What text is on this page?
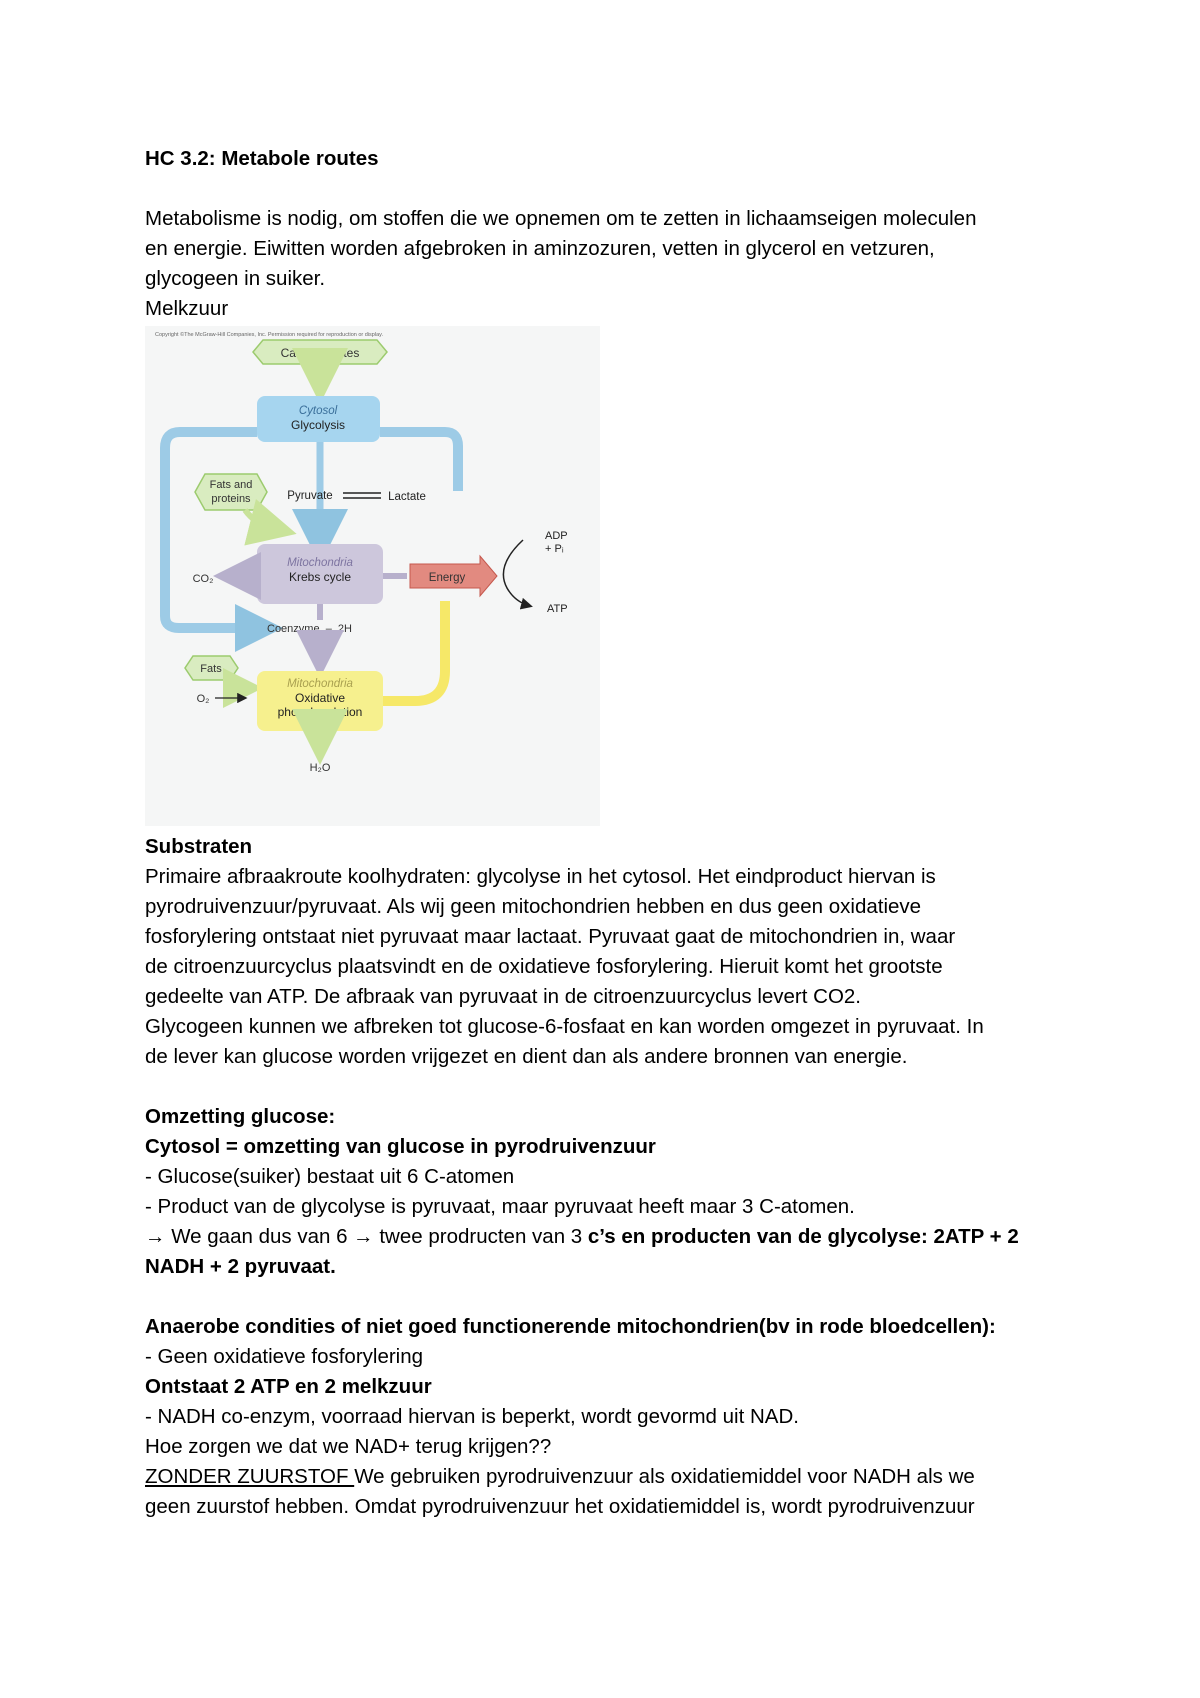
HC 3.2: Metabole routes

Metabolisme is nodig, om stoffen die we opnemen om te zetten in lichaamseigen moleculen
en energie. Eiwitten worden afgebroken in aminzozuren, vetten in glycerol en vetzuren,
glycogeen in suiker.

Melkzuur

Copyright ©The McGraw-Hill Companies, Inc. Permission required for reproduction or display.
Carbohydrates
Cytosol
Glycolysis
Fats and
proteins	Pyruvate	Lactate
Mitochondria
Krebs cycle
CO₂	Energy
ADP
+ Pᵢ
ATP
Coenzyme  –  2H
Fats
O₂
Mitochondria
Oxidative
phosphorylation
H₂O

Substraten

Primaire afbraakroute koolhydraten: glycolyse in het cytosol. Het eindproduct hiervan is
pyrodruivenzuur/pyruvaat. Als wij geen mitochondrien hebben en dus geen oxidatieve
fosforylering ontstaat niet pyruvaat maar lactaat. Pyruvaat gaat de mitochondrien in, waar
de citroenzuurcyclus plaatsvindt en de oxidatieve fosforylering. Hieruit komt het grootste
gedeelte van ATP. De afbraak van pyruvaat in de citroenzuurcyclus levert CO2.
Glycogeen kunnen we afbreken tot glucose-6-fosfaat en kan worden omgezet in pyruvaat. In
de lever kan glucose worden vrijgezet en dient dan als andere bronnen van energie.

Omzetting glucose:

Cytosol = omzetting van glucose in pyrodruivenzuur

- Glucose(suiker) bestaat uit 6 C-atomen

- Product van de glycolyse is pyruvaat, maar pyruvaat heeft maar 3 C-atomen.

→ We gaan dus van 6 → twee prodructen van 3 c’s en producten van de glycolyse: 2ATP + 2

NADH + 2 pyruvaat.

Anaerobe condities of niet goed functionerende mitochondrien(bv in rode bloedcellen):

- Geen oxidatieve fosforylering

Ontstaat 2 ATP en 2 melkzuur

- NADH co-enzym, voorraad hiervan is beperkt, wordt gevormd uit NAD.

Hoe zorgen we dat we NAD+ terug krijgen??

ZONDER ZUURSTOF We gebruiken pyrodruivenzuur als oxidatiemiddel voor NADH als we

geen zuurstof hebben. Omdat pyrodruivenzuur het oxidatiemiddel is, wordt pyrodruivenzuur
